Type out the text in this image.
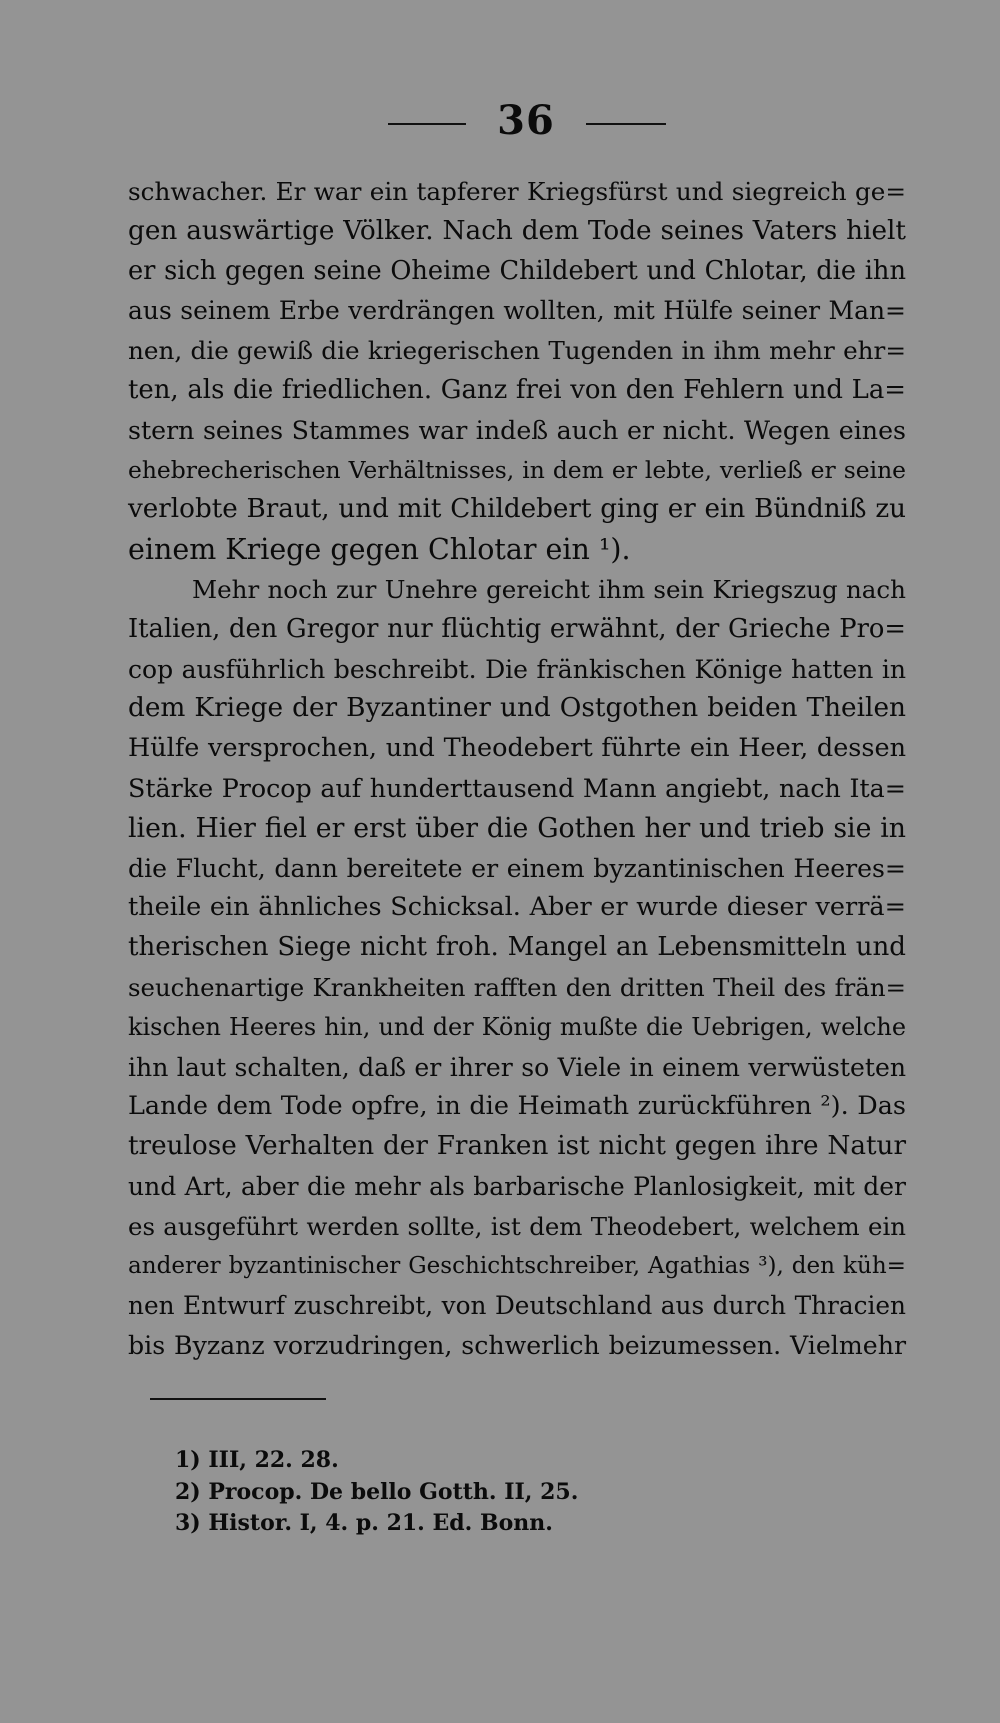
36
schwacher. Er war ein tapferer Kriegsfürst und siegreich ge=
gen auswärtige Völker. Nach dem Tode seines Vaters hielt
er sich gegen seine Oheime Childebert und Chlotar, die ihn
aus seinem Erbe verdrängen wollten, mit Hülfe seiner Man=
nen, die gewiß die kriegerischen Tugenden in ihm mehr ehr=
ten, als die friedlichen. Ganz frei von den Fehlern und La=
stern seines Stammes war indeß auch er nicht. Wegen eines
ehebrecherischen Verhältnisses, in dem er lebte, verließ er seine
verlobte Braut, und mit Childebert ging er ein Bündniß zu
einem Kriege gegen Chlotar ein ¹).
Mehr noch zur Unehre gereicht ihm sein Kriegszug nach
Italien, den Gregor nur flüchtig erwähnt, der Grieche Pro=
cop ausführlich beschreibt. Die fränkischen Könige hatten in
dem Kriege der Byzantiner und Ostgothen beiden Theilen
Hülfe versprochen, und Theodebert führte ein Heer, dessen
Stärke Procop auf hunderttausend Mann angiebt, nach Ita=
lien. Hier fiel er erst über die Gothen her und trieb sie in
die Flucht, dann bereitete er einem byzantinischen Heeres=
theile ein ähnliches Schicksal. Aber er wurde dieser verrä=
therischen Siege nicht froh. Mangel an Lebensmitteln und
seuchenartige Krankheiten rafften den dritten Theil des frän=
kischen Heeres hin, und der König mußte die Uebrigen, welche
ihn laut schalten, daß er ihrer so Viele in einem verwüsteten
Lande dem Tode opfre, in die Heimath zurückführen ²). Das
treulose Verhalten der Franken ist nicht gegen ihre Natur
und Art, aber die mehr als barbarische Planlosigkeit, mit der
es ausgeführt werden sollte, ist dem Theodebert, welchem ein
anderer byzantinischer Geschichtschreiber, Agathias ³), den küh=
nen Entwurf zuschreibt, von Deutschland aus durch Thracien
bis Byzanz vorzudringen, schwerlich beizumessen. Vielmehr
1) III, 22. 28.
2) Procop. De bello Gotth. II, 25.
3) Histor. I, 4. p. 21. Ed. Bonn.
